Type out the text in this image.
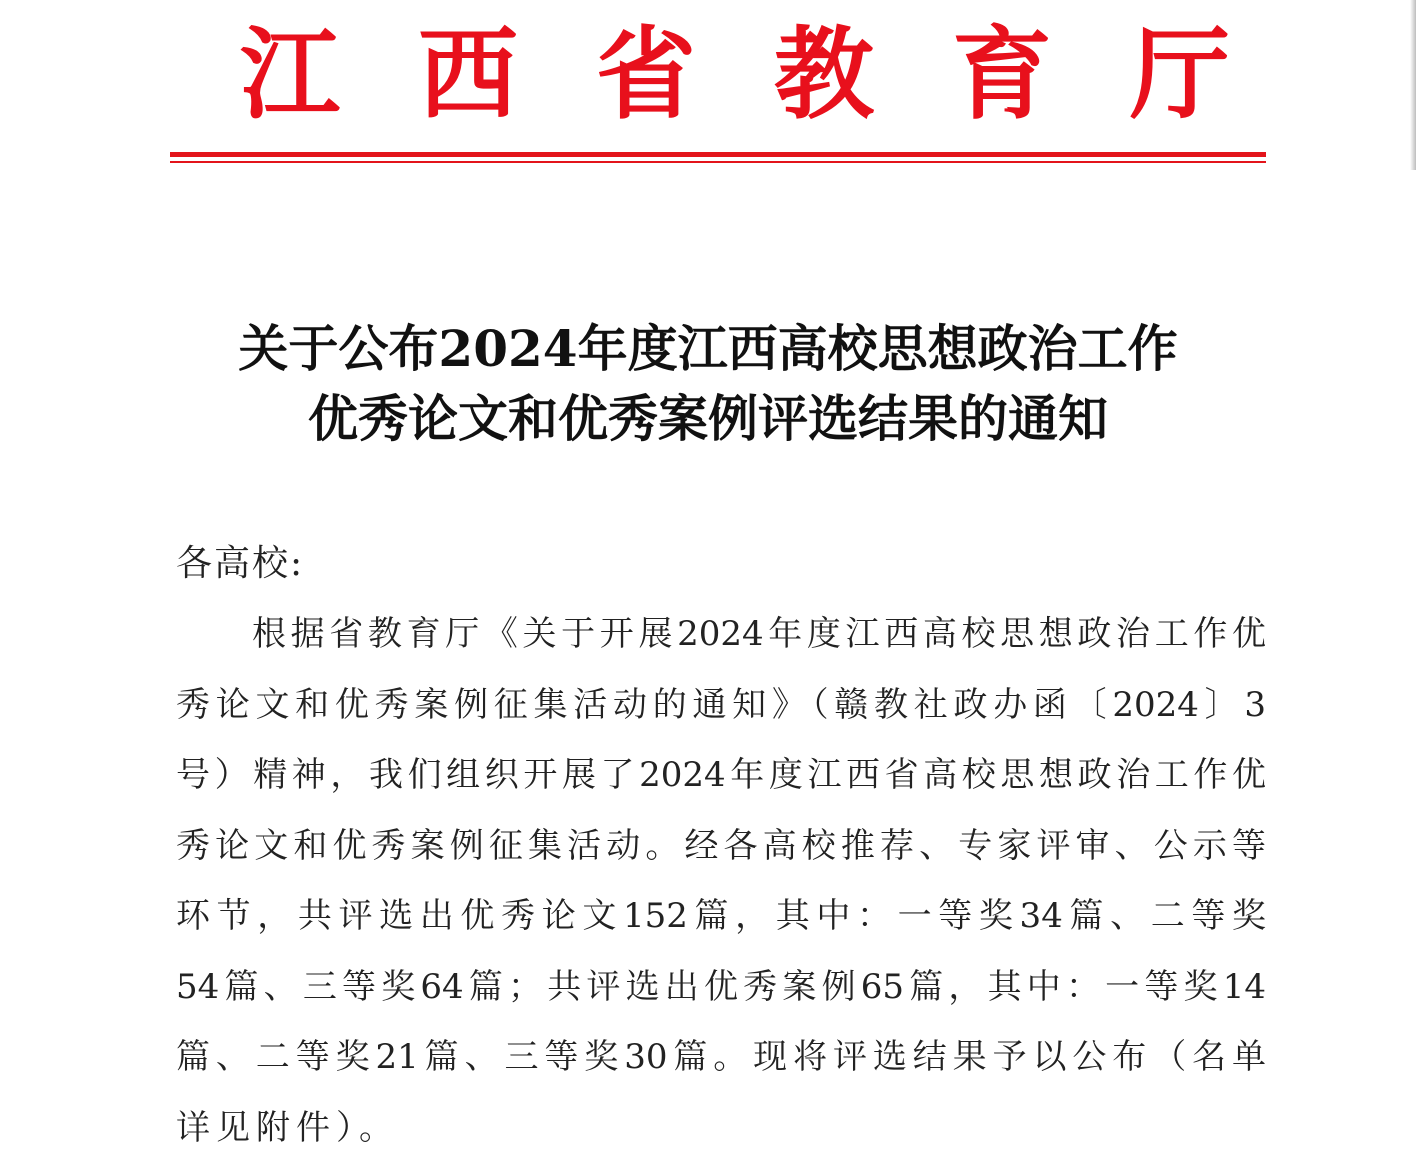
江 西 省 教 育 厅
关于公布2024年度江西高校思想政治工作
优秀论文和优秀案例评选结果的通知
各高校:
根据省教育厅《关于开展2024年度江西高校思想政治工作优
秀论文和优秀案例征集活动的通知》（赣教社政办函〔2024〕3
号）精神，我们组织开展了2024年度江西省高校思想政治工作优
秀论文和优秀案例征集活动。经各高校推荐、专家评审、公示等
环节，共评选出优秀论文152篇，其中：一等奖34篇、二等奖
54篇、三等奖64篇；共评选出优秀案例65篇，其中：一等奖14
篇、二等奖21篇、三等奖30篇。现将评选结果予以公布（名单
详见附件）。
